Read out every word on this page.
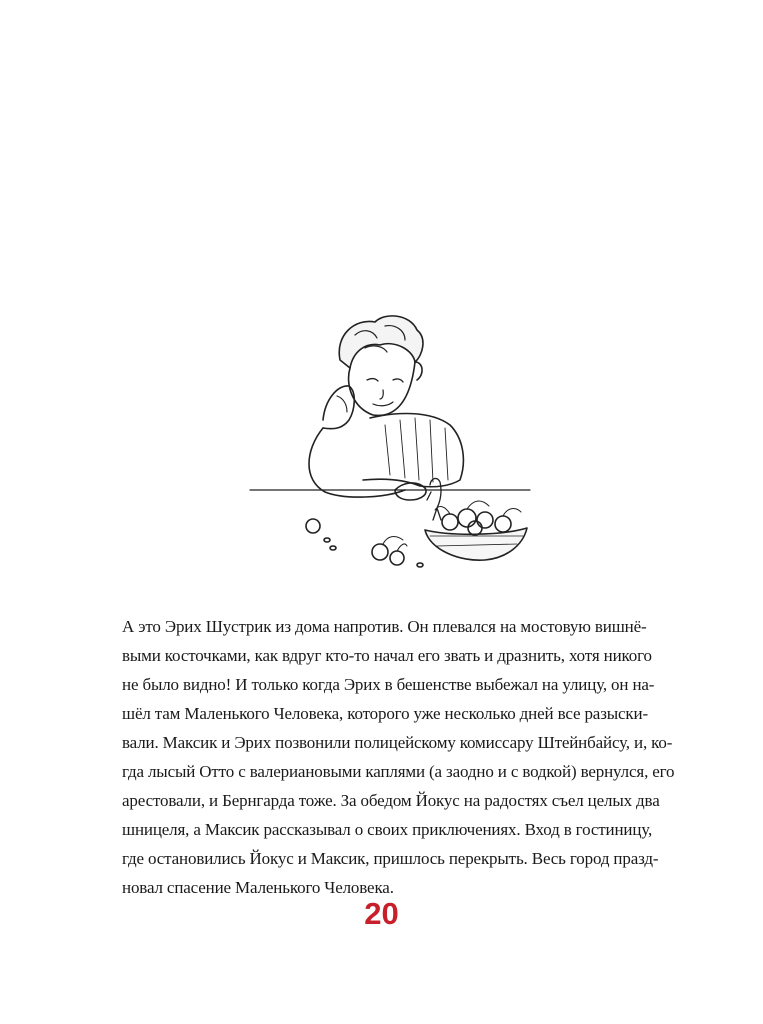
А это Эрих Шустрик из дома напротив. Он плевался на мостовую вишнё-
выми косточками, как вдруг кто-то начал его звать и дразнить, хотя никого
не было видно! И только когда Эрих в бешенстве выбежал на улицу, он на-
шёл там Маленького Человека, которого уже несколько дней все разыски-
вали. Максик и Эрих позвонили полицейскому комиссару Штейнбайсу, и, ко-
гда лысый Отто с валериановыми каплями (а заодно и с водкой) вернулся, его
арестовали, и Бернгарда тоже. За обедом Йокус на радостях съел целых два
шницеля, а Максик рассказывал о своих приключениях. Вход в гостиницу,
где остановились Йокус и Максик, пришлось перекрыть. Весь город празд-
новал спасение Маленького Человека.
20
